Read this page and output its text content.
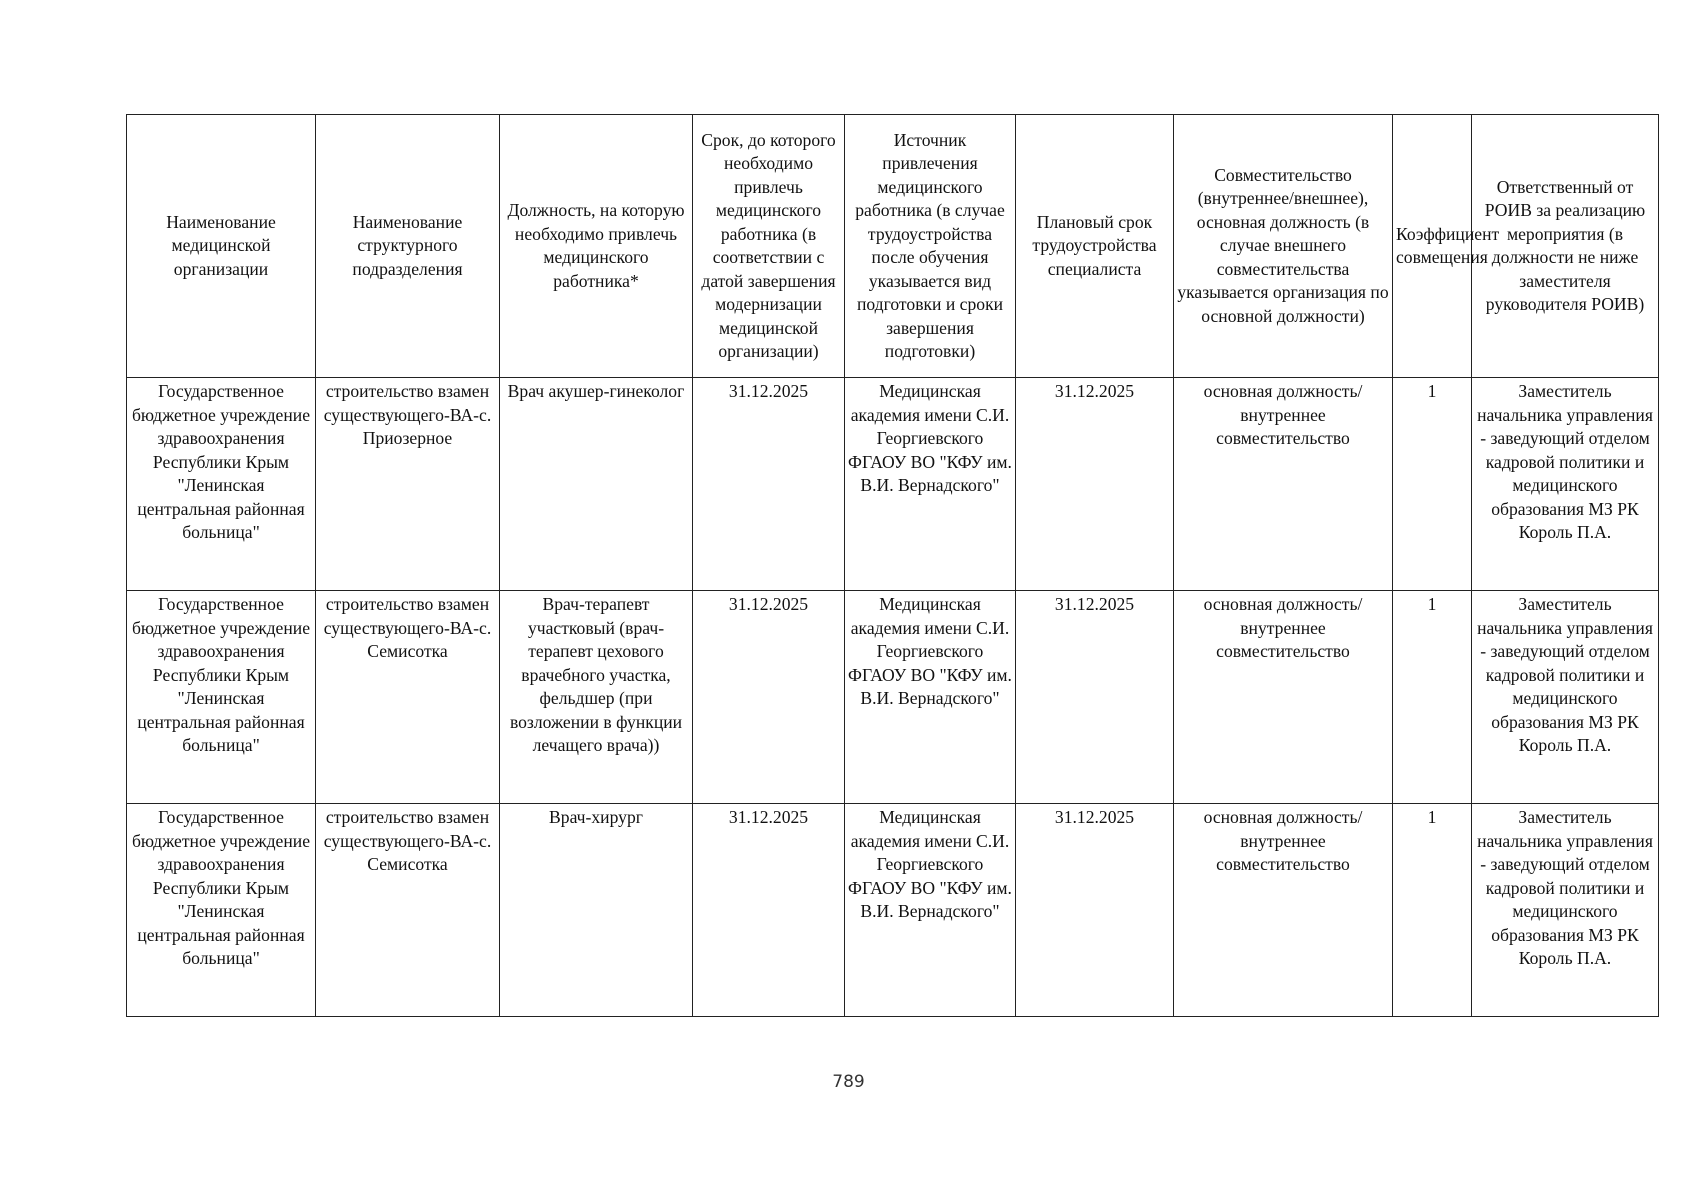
Наименование медицинской организации	Наименование структурного подразделения	Должность, на которую необходимо привлечь медицинского работника*	Срок, до которого необходимо привлечь медицинского работника (в соответствии с датой завершения модернизации медицинской организации)	Источник привлечения медицинского работника (в случае трудоустройства после обучения указывается вид подготовки и сроки завершения подготовки)	Плановый срок трудоустройства специалиста	Совместительство (внутреннее/внешнее), основная должность (в случае внешнего совместительства указывается организация по основной должности)	Коэффициент совмещения	Ответственный от РОИВ за реализацию мероприятия (в должности не ниже заместителя руководителя РОИВ)
Государственное бюджетное учреждение здравоохранения Республики Крым "Ленинская центральная районная больница"	строительство взамен существующего-ВА-с. Приозерное	Врач акушер-гинеколог	31.12.2025	Медицинская академия имени С.И. Георгиевского ФГАОУ ВО "КФУ им. В.И. Вернадского"	31.12.2025	основная должность/ внутреннее совместительство	1	Заместитель начальника управления - заведующий отделом кадровой политики и медицинского образования МЗ РК Король П.А.
Государственное бюджетное учреждение здравоохранения Республики Крым "Ленинская центральная районная больница"	строительство взамен существующего-ВА-с. Семисотка	Врач-терапевт участковый (врач-терапевт цехового врачебного участка, фельдшер (при возложении в функции лечащего врача))	31.12.2025	Медицинская академия имени С.И. Георгиевского ФГАОУ ВО "КФУ им. В.И. Вернадского"	31.12.2025	основная должность/ внутреннее совместительство	1	Заместитель начальника управления - заведующий отделом кадровой политики и медицинского образования МЗ РК Король П.А.
Государственное бюджетное учреждение здравоохранения Республики Крым "Ленинская центральная районная больница"	строительство взамен существующего-ВА-с. Семисотка	Врач-хирург	31.12.2025	Медицинская академия имени С.И. Георгиевского ФГАОУ ВО "КФУ им. В.И. Вернадского"	31.12.2025	основная должность/ внутреннее совместительство	1	Заместитель начальника управления - заведующий отделом кадровой политики и медицинского образования МЗ РК Король П.А.
789
